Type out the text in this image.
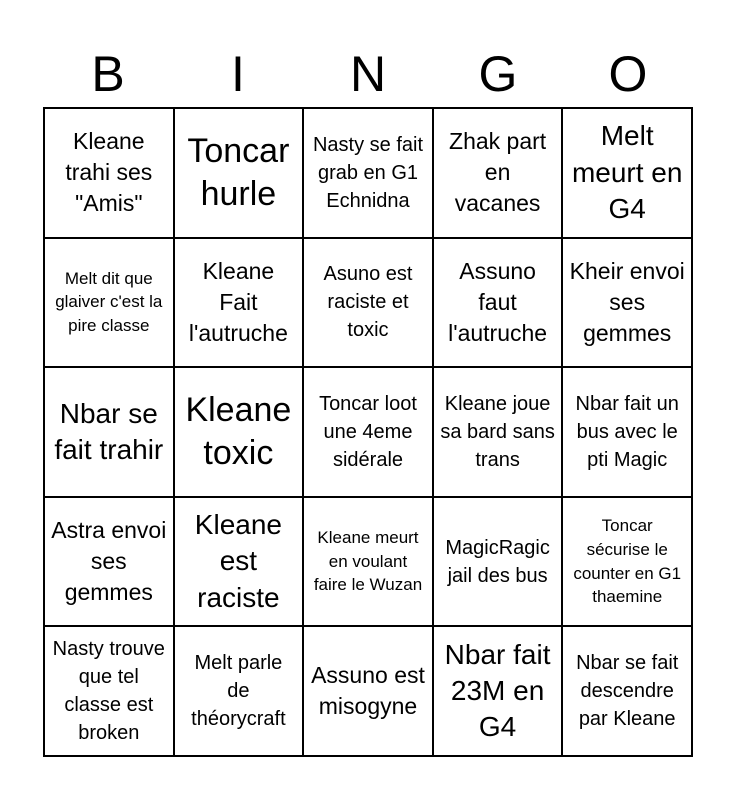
B	I	N	G	O
Kleane trahi ses "Amis"
Toncar hurle
Nasty se fait grab en G1 Echnidna
Zhak part en vacanes
Melt meurt en G4
Melt dit que glaiver c'est la pire classe
Kleane Fait l'autruche
Asuno est raciste et toxic
Assuno faut l'autruche
Kheir envoi ses gemmes
Nbar se fait trahir
Kleane toxic
Toncar loot une 4eme sidérale
Kleane joue sa bard sans trans
Nbar fait un bus avec le pti Magic
Astra envoi ses gemmes
Kleane est raciste
Kleane meurt en voulant faire le Wuzan
MagicRagic jail des bus
Toncar sécurise le counter en G1 thaemine
Nasty trouve que tel classe est broken
Melt parle de théorycraft
Assuno est misogyne
Nbar fait 23M en G4
Nbar se fait descendre par Kleane
